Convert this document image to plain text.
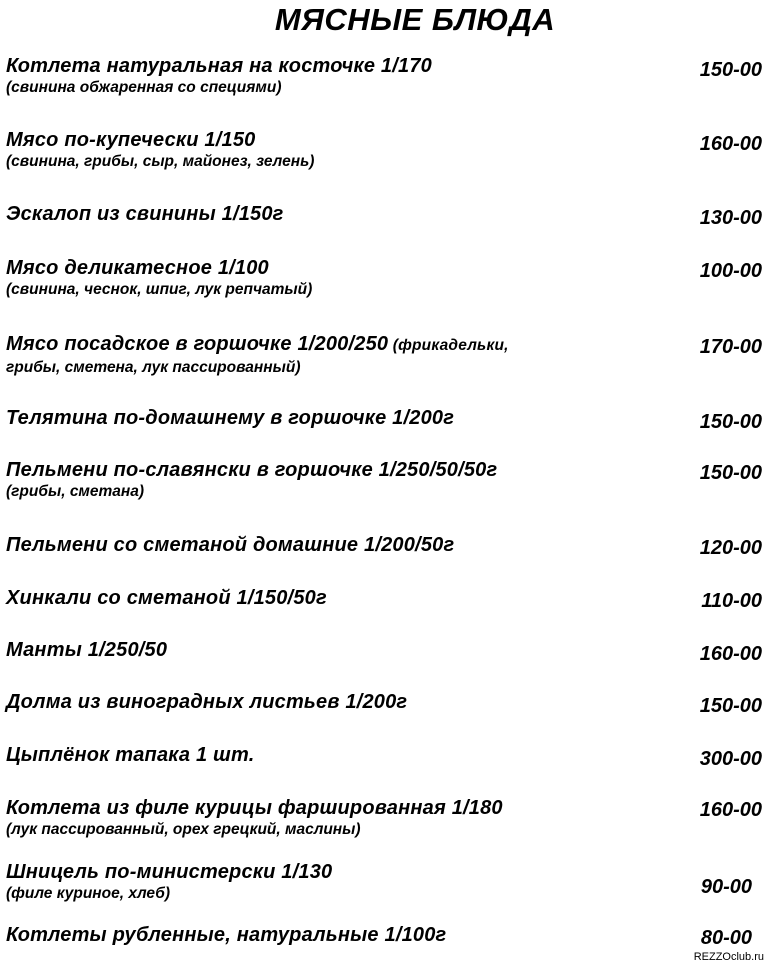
МЯСНЫЕ БЛЮДА
Котлета натуральная на косточке 1/170
(свинина обжаренная со специями)
150-00
Мясо по-купечески 1/150
(свинина, грибы, сыр, майонез, зелень)
160-00
Эскалоп из свинины 1/150г	130-00
Мясо деликатесное 1/100
(свинина, чеснок, шпиг, лук репчатый)
100-00
Мясо посадское в горшочке 1/200/250 (фрикадельки,
грибы, сметена, лук пассированный)
170-00
Телятина по-домашнему в горшочке 1/200г	150-00
Пельмени по-славянски в горшочке 1/250/50/50г
(грибы, сметана)
150-00
Пельмени со сметаной домашние 1/200/50г	120-00
Хинкали со сметаной 1/150/50г	110-00
Манты 1/250/50	160-00
Долма из виноградных листьев 1/200г	150-00
Цыплёнок тапака 1 шт.	300-00
Котлета из филе курицы фаршированная 1/180
(лук пассированный, орех грецкий, маслины)
160-00
Шницель по-министерски 1/130
(филе куриное, хлеб)	90-00
Котлеты рубленные, натуральные 1/100г	80-00
REZZOclub.ru
